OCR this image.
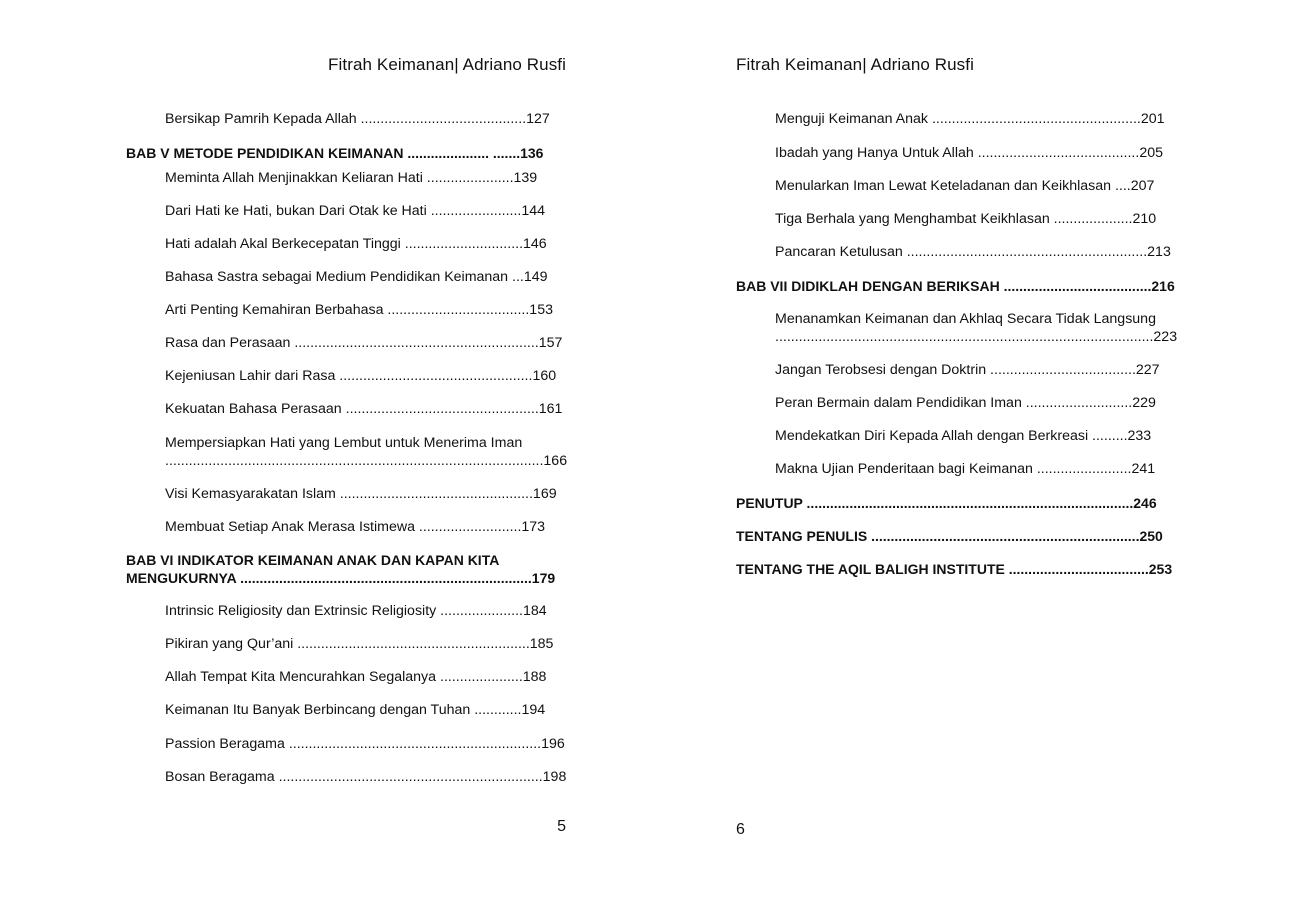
Fitrah Keimanan| Adriano Rusfi
Bersikap Pamrih Kepada Allah ..........................................127
BAB V METODE PENDIDIKAN KEIMANAN ..................... .......136
Meminta Allah Menjinakkan Keliaran Hati ......................139
Dari Hati ke Hati, bukan Dari Otak ke Hati .......................144
Hati adalah Akal Berkecepatan Tinggi ..............................146
Bahasa Sastra sebagai Medium Pendidikan Keimanan ...149
Arti Penting Kemahiran Berbahasa ....................................153
Rasa dan Perasaan ..............................................................157
Kejeniusan Lahir dari Rasa .................................................160
Kekuatan Bahasa Perasaan .................................................161
Mempersiapkan Hati yang Lembut untuk Menerima Iman
................................................................................................166
Visi Kemasyarakatan Islam .................................................169
Membuat Setiap Anak Merasa Istimewa ..........................173
BAB VI INDIKATOR KEIMANAN ANAK DAN KAPAN KITA
MENGUKURNYA ...........................................................................179
Intrinsic Religiosity dan Extrinsic Religiosity .....................184
Pikiran yang Qur’ani ...........................................................185
Allah Tempat Kita Mencurahkan Segalanya .....................188
Keimanan Itu Banyak Berbincang dengan Tuhan ............194
Passion Beragama ................................................................196
Bosan Beragama ...................................................................198
5
Fitrah Keimanan| Adriano Rusfi
Menguji Keimanan Anak .....................................................201
Ibadah yang Hanya Untuk Allah .........................................205
Menularkan Iman Lewat Keteladanan dan Keikhlasan ....207
Tiga Berhala yang Menghambat Keikhlasan ....................210
Pancaran Ketulusan .............................................................213
BAB VII DIDIKLAH DENGAN BERIKSAH ......................................216
Menanamkan Keimanan dan Akhlaq Secara Tidak Langsung
................................................................................................223
Jangan Terobsesi dengan Doktrin .....................................227
Peran Bermain dalam Pendidikan Iman ...........................229
Mendekatkan Diri Kepada Allah dengan Berkreasi .........233
Makna Ujian Penderitaan bagi Keimanan ........................241
PENUTUP ....................................................................................246
TENTANG PENULIS .....................................................................250
TENTANG THE AQIL BALIGH INSTITUTE ....................................253
6
